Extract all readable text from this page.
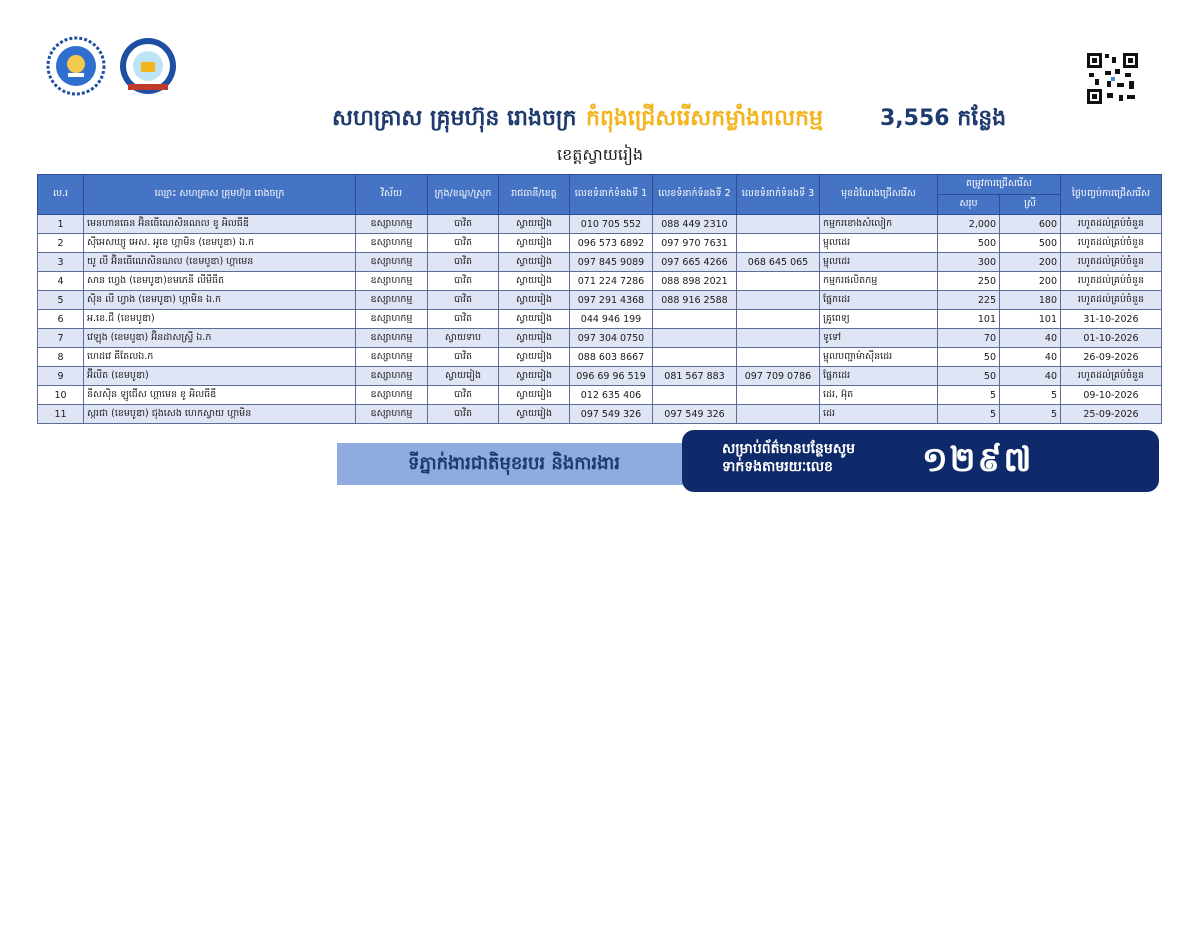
សហគ្រាស គ្រុមហ៊ុន រោងចក្រ កំពុងជ្រើសរើសកម្លាំងពលកម្ម	3,556 កន្លែង
ខេត្តស្វាយរៀង
ល.រ	ឈ្មោះ សហគ្រាស គ្រុមហ៊ុន រោងចក្រ	វិស័យ	ក្រុង/ខណ្ឌ/ស្រុក	រាជធានី/ខេត្ត	លេខទំនាក់ទំនងទី 1	លេខទំនាក់ទំនងទី 2	លេខទំនាក់ទំនងទី 3	មុខដំណែងជ្រើសរើស	តម្រូវការជ្រើសរើស		ថ្ងៃបញ្ចប់ការជ្រើសរើស
									សរុប	ស្រី	
1	មេនហានធេន អ៊ិនធើណេសិនណល ខូ អិលធីឌី	ឧស្សាហកម្ម	បាវិត	ស្វាយរៀង	010 705 552	088 449 2310		កម្មករខោងសំលៀក	2,000	600	រហូតដល់គ្រប់ចំនួន
2	ស៊ីអេសឃ្យូ អេស. អូខេ ហ្គាមិន (ខេមបូឌា) ឯ.ក	ឧស្សាហកម្ម	បាវិត	ស្វាយរៀង	096 573 6892	097 970 7631		ម្ជុលដេរ	500	500	រហូតដល់គ្រប់ចំនួន
3	យូ លី អ៊ិនធើណេសិនណល (ខេមបូឌា) ហ្គាមេន	ឧស្សាហកម្ម	បាវិត	ស្វាយរៀង	097 845 9089	097 665 4266	068 645 065	ម្ជុលដេរ	300	200	រហូតដល់គ្រប់ចំនួន
4	សាន ហ្វេង (ខេមបូឌា)ខមភេនី លីមីធីត	ឧស្សាហកម្ម	បាវិត	ស្វាយរៀង	071 224 7286	088 898 2021		កម្មករផលិតកម្ម	250	200	រហូតដល់គ្រប់ចំនួន
5	ស៊ិន លី ហ្វាង (ខេមបូឌា) ហ្គាមិន ឯ.ក	ឧស្សាហកម្ម	បាវិត	ស្វាយរៀង	097 291 4368	088 916 2588		ផ្នែកដេរ	225	180	រហូតដល់គ្រប់ចំនួន
6	អ.ខេ.ជី (ខេមបូឌា)	ឧស្សាហកម្ម	បាវិត	ស្វាយរៀង	044 946 199			គ្រូពេទ្យ	101	101	31-10-2026
7	វេឡុង (ខេមបូឌា) អ៊ិនដាសស្ទ្រី ឯ.ក	ឧស្សាហកម្ម	ស្វាយទាប	ស្វាយរៀង	097 304 0750			ទូទៅ	70	40	01-10-2026
8	ហេដវេ គីតែលឯ.ក	ឧស្សាហកម្ម	បាវិត	ស្វាយរៀង	088 603 8667			ម្ជុលបញ្ជាម៉ាស៊ីនដេរ	50	40	26-09-2026
9	អ៊ីលីត (ខេមបូឌា)	ឧស្សាហកម្ម	ស្វាយរៀង	ស្វាយរៀង	096 69 96 519	081 567 883	097 709 0786	ផ្នែកដេរ	50	40	រហូតដល់គ្រប់ចំនួន
10	នីសស៊ិន ឡូជើស ហ្គាមេន ខូ អិលធីឌី	ឧស្សាហកម្ម	បាវិត	ស្វាយរៀង	012 635 406			ដេរ, អ៊ុត	5	5	09-10-2026
11	ស្ករជា (ខេមបូឌា) ជុងសេង ហេកស្វាយ ហ្គាមិន	ឧស្សាហកម្ម	បាវិត	ស្វាយរៀង	097 549 326	097 549 326		ដេរ	5	5	25-09-2026
ទីភ្នាក់ងារជាតិមុខរបរ និងការងារ
សម្រាប់ព័ត៌មានបន្ថែមសូម
ទាក់ទងតាមរយៈលេខ	១២៩៧
